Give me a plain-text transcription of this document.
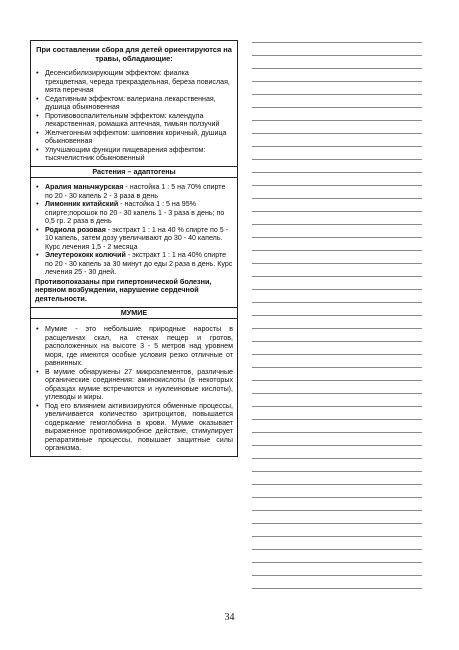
При составлении сбора для детей ориентируются на травы, обладающие:
• Десенсибилизирующим эффектом: фиалка трехцветная, череда трехраздельная, береза повислая, мята перечная
• Седативным эффектом: валериана лекарственная, душица обыкновенная
• Противовоспалительным эффектом: календула лекарственная, ромашка аптечная, тимьян ползучий
• Желчегонным эффектом: шиповник коричный, душица обыкновенная
• Улучшающим функции пищеварения эффектом: тысячелистник обыкновенный
Растения – адаптогены
• Аралия маньчжурская - настойка 1 : 5 на 70% спирте по 20 - 30 капель 2 - 3 раза в день
• Лимонник китайский - настойка 1 : 5 на 95% спирте;порошок по 20 - 30 капель 1 - 3 раза в день; по 0,5 гр. 2 раза в день
• Родиола розовая - экстракт 1 : 1 на 40 % спирте по 5 - 10 капель, затем дозу увеличивают до 30 - 40 капель. Курс лечения 1,5 - 2 месяца
• Элеутерококк колючий - экстракт 1 : 1 на 40% спирте по 20 - 30 капель за 30 минут до еды 2 раза в день. Курс лечения 25 - 30 дней.
Противопоказаны при гипертонической болезни, нервном возбуждении, нарушение сердечной деятельности.
МУМИЕ
• Мумие - это небольшие природные наросты в расщелинах скал, на стенах пещер и гротов, расположенных на высоте 3 - 5 метров над уровнем моря, где имеются особые условия резко отличные от равнинных.
• В мумие обнаружены 27 микроэлементов, различные органические соединения: аминокислоты (в некоторых образцах мумие встречаются и нуклеиновые кислоты), углеводы и жиры.
• Под его влиянием активизируются обменные процессы, увеличивается количество эритроцитов, повышается содержание гемоглобина в крови. Мумие оказывает выраженное противомикробное действие, стимулирует репаративные процессы, повышает защитные силы организма.
34
